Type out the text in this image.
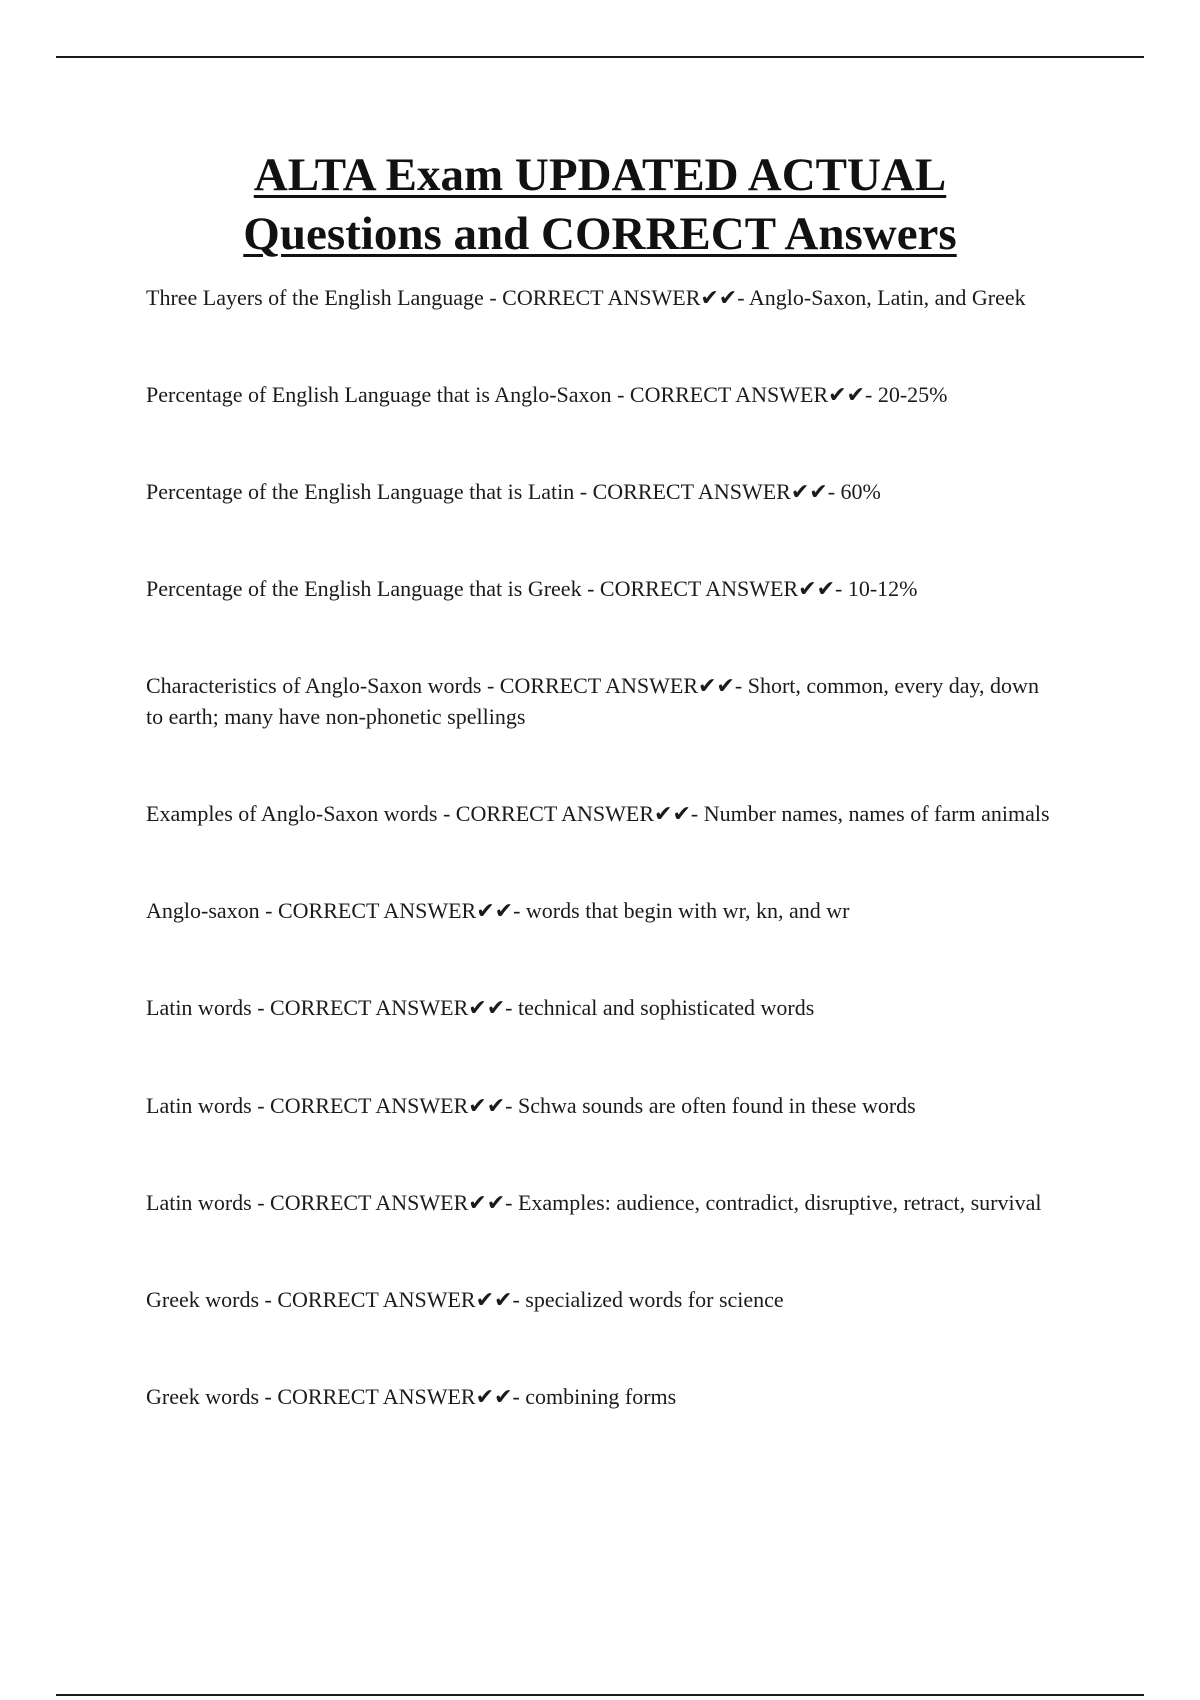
ALTA Exam UPDATED ACTUAL
Questions and CORRECT Answers
Three Layers of the English Language - CORRECT ANSWER✔✔- Anglo-Saxon, Latin, and Greek
Percentage of English Language that is Anglo-Saxon - CORRECT ANSWER✔✔- 20-25%
Percentage of the English Language that is Latin - CORRECT ANSWER✔✔- 60%
Percentage of the English Language that is Greek - CORRECT ANSWER✔✔- 10-12%
Characteristics of Anglo-Saxon words - CORRECT ANSWER✔✔- Short, common, every day, down to earth; many have non-phonetic spellings
Examples of Anglo-Saxon words - CORRECT ANSWER✔✔- Number names, names of farm animals
Anglo-saxon - CORRECT ANSWER✔✔- words that begin with wr, kn, and wr
Latin words - CORRECT ANSWER✔✔- technical and sophisticated words
Latin words - CORRECT ANSWER✔✔- Schwa sounds are often found in these words
Latin words - CORRECT ANSWER✔✔- Examples: audience, contradict, disruptive, retract, survival
Greek words - CORRECT ANSWER✔✔- specialized words for science
Greek words - CORRECT ANSWER✔✔- combining forms
